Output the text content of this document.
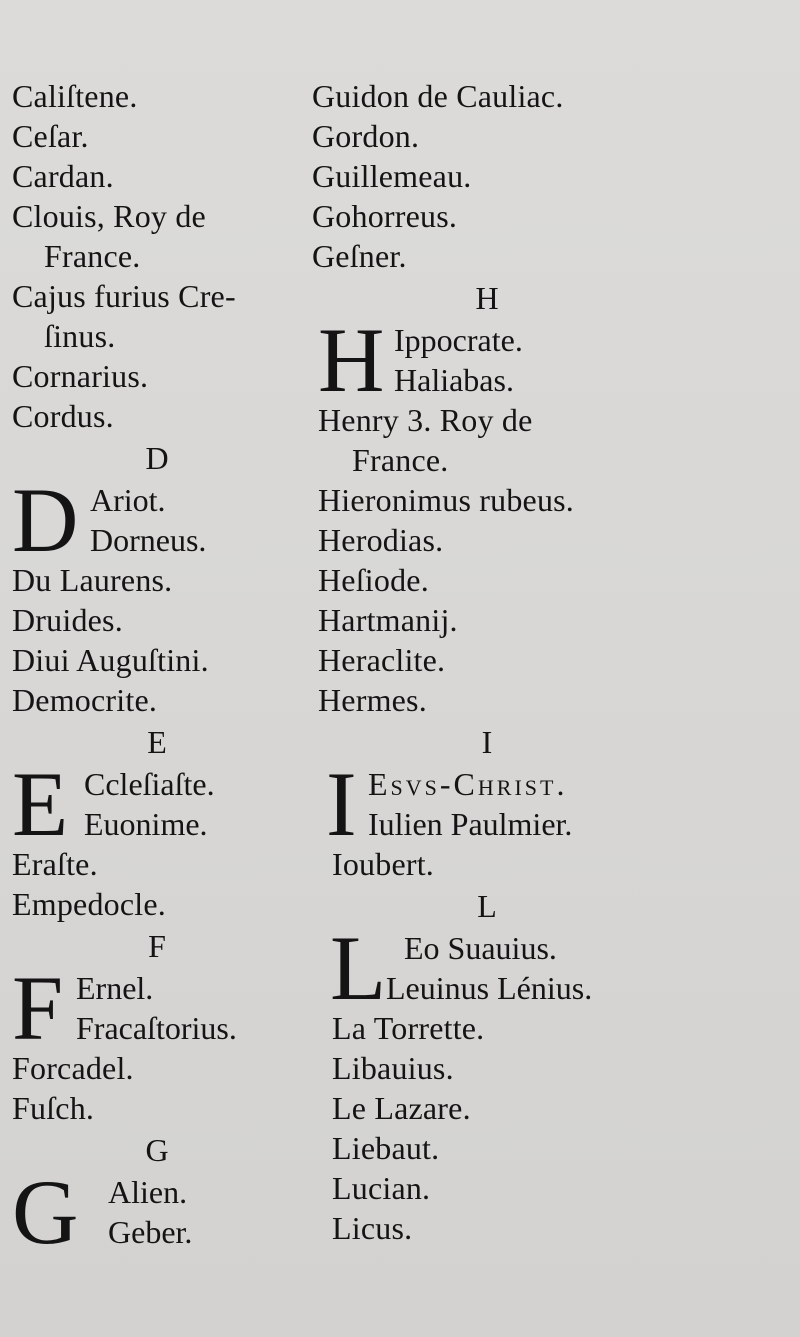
Caliſtene.
Ceſar.
Cardan.
Clouis, Roy de
France.
Cajus furius Cre-
ſinus.
Cornarius.
Cordus.
D
D Ariot.
Dorneus.
Du Laurens.
Druides.
Diui Auguſtini.
Democrite.
E
E Ccleſiaſte.
Euonime.
Eraſte.
Empedocle.
F
F Ernel.
Fracaſtorius.
Forcadel.
Fuſch.
G
G Alien.
Geber.
Guidon de Cauliac.
Gordon.
Guillemeau.
Gohorreus.
Geſner.
H
H Ippocrate.
Haliabas.
Henry 3. Roy de
France.
Hieronimus rubeus.
Herodias.
Heſiode.
Hartmanij.
Heraclite.
Hermes.
I
I Esvs-Christ.
Iulien Paulmier.
Ioubert.
L
L Eo Suauius.
Leuinus Lénius.
La Torrette.
Libauius.
Le Lazare.
Liebaut.
Lucian.
Licus.
